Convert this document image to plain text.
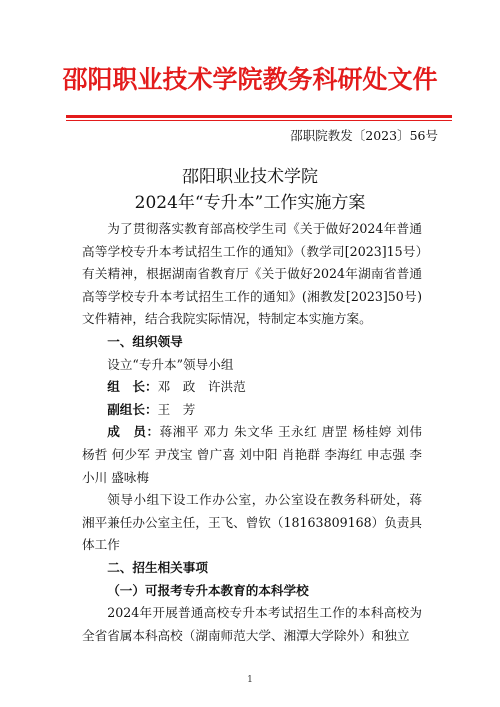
邵阳职业技术学院教务科研处文件
邵职院教发〔2023〕56号
邵阳职业技术学院
2024年“专升本”工作实施方案

为了贯彻落实教育部高校学生司《关于做好2024年普通高等学校专升本考试招生工作的通知》（教学司[2023]15号）有关精神，根据湖南省教育厅《关于做好2024年湖南省普通高等学校专升本考试招生工作的通知》(湘教发[2023]50号)文件精神，结合我院实际情况，特制定本实施方案。

一、组织领导

设立“专升本”领导小组

组　长：邓　政　许洪范

副组长：王　芳

成　员：蒋湘平 邓力 朱文华 王永红 唐罡 杨桂婷 刘伟 杨哲 何少军 尹茂宝 曾广喜 刘中阳 肖艳群 李海红 申志强 李小川 盛咏梅

领导小组下设工作办公室，办公室设在教务科研处，蒋湘平兼任办公室主任，王飞、曾钦（18163809168）负责具体工作

二、招生相关事项

（一）可报考专升本教育的本科学校

2024年开展普通高校专升本考试招生工作的本科高校为全省省属本科高校（湖南师范大学、湘潭大学除外）和独立

1
